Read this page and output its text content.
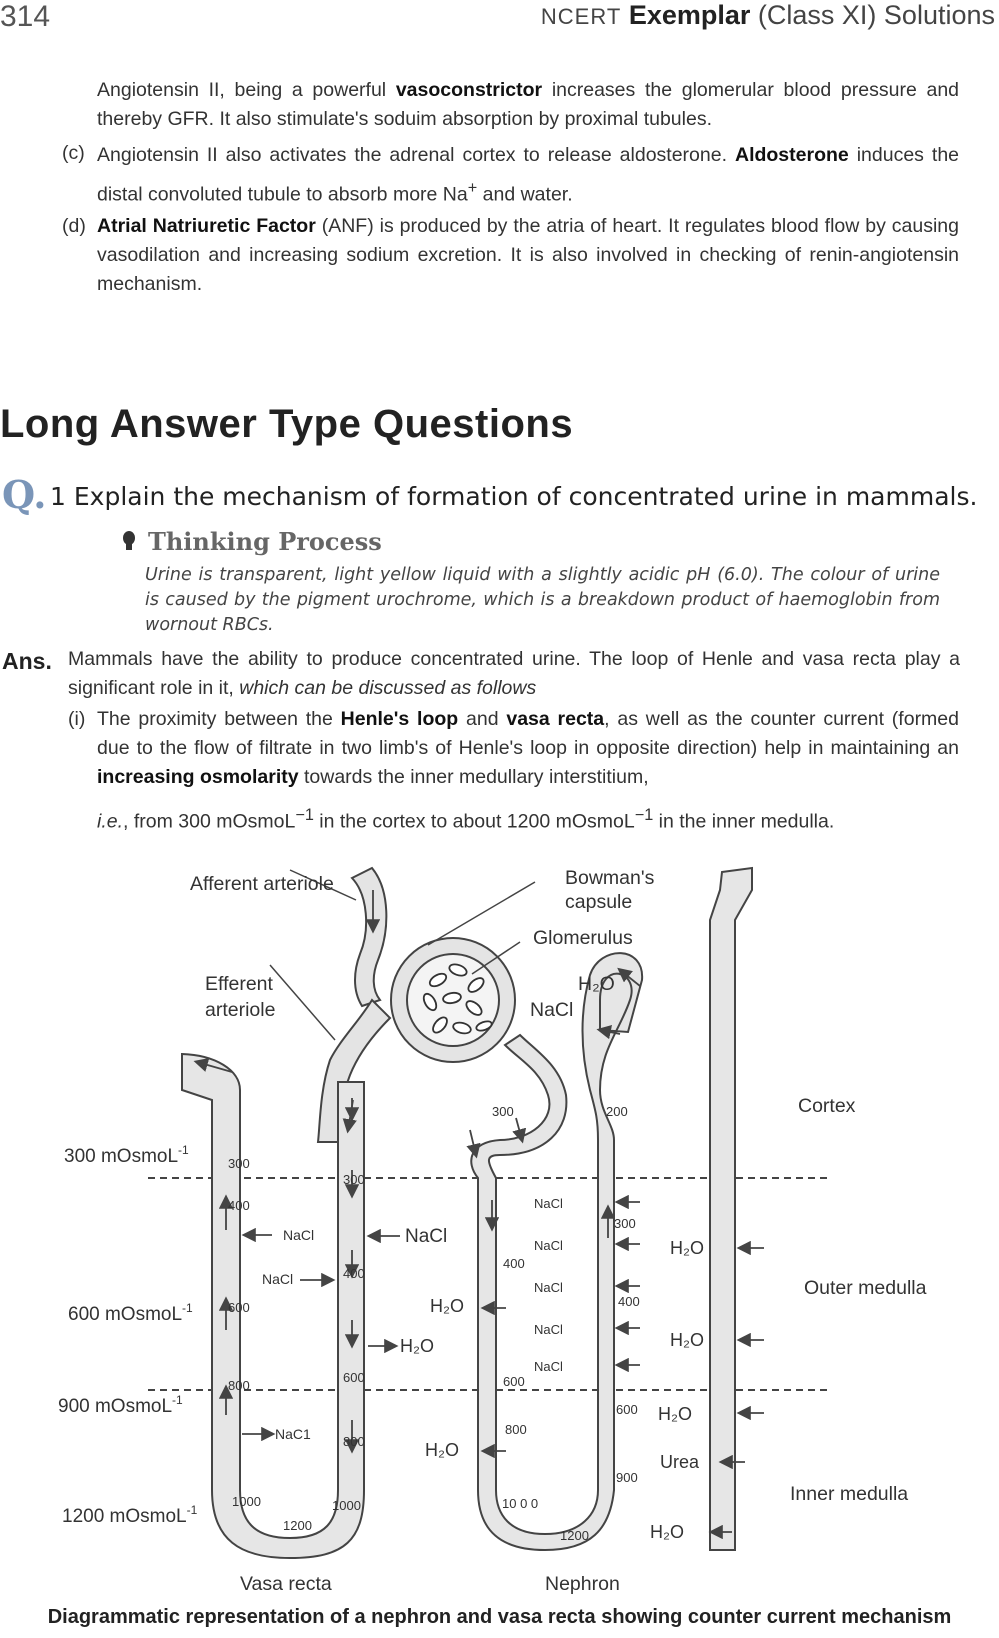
314	NCERT Exemplar (Class XI) Solutions
Angiotensin II, being a powerful vasoconstrictor increases the glomerular blood pressure and thereby GFR. It also stimulate's soduim absorption by proximal tubules.
(c) Angiotensin II also activates the adrenal cortex to release aldosterone. Aldosterone induces the distal convoluted tubule to absorb more Na+ and water.
(d) Atrial Natriuretic Factor (ANF) is produced by the atria of heart. It regulates blood flow by causing vasodilation and increasing sodium excretion. It is also involved in checking of renin-angiotensin mechanism.
Long Answer Type Questions
Q. 1 Explain the mechanism of formation of concentrated urine in mammals.
Thinking Process
Urine is transparent, light yellow liquid with a slightly acidic pH (6.0). The colour of urine is caused by the pigment urochrome, which is a breakdown product of haemoglobin from wornout RBCs.
Ans. Mammals have the ability to produce concentrated urine. The loop of Henle and vasa recta play a significant role in it, which can be discussed as follows
(i) The proximity between the Henle's loop and vasa recta, as well as the counter current (formed due to the flow of filtrate in two limb's of Henle's loop in opposite direction) help in maintaining an increasing osmolarity towards the inner medullary interstitium,
i.e., from 300 mOsmoL$^{-1}$ in the cortex to about 1200 mOsmoL$^{-1}$ in the inner medulla.
Afferent arteriole
Efferent
arteriole
Bowman's
capsule
Glomerulus
H₂O
NaCl
Cortex
Outer medulla
Inner medulla
Vasa recta	Nephron
300 mOsmoL$^{-1}$
600 mOsmoL$^{-1}$
900 mOsmoL$^{-1}$
1200 mOsmoL$^{-1}$
300
400
600
800
1000
1200
1000
300
400
600
800
300	200
300
400
400
600
600
800
900
10 0 0
1200
NaCl
NaCl
NaCl
H₂O
H₂O
NaC1
H₂O
NaCl
NaCl
NaCl
NaCl
NaCl
H₂O
H₂O
H₂O
Urea
H₂O
Diagrammatic representation of a nephron and vasa recta showing counter current mechanism
